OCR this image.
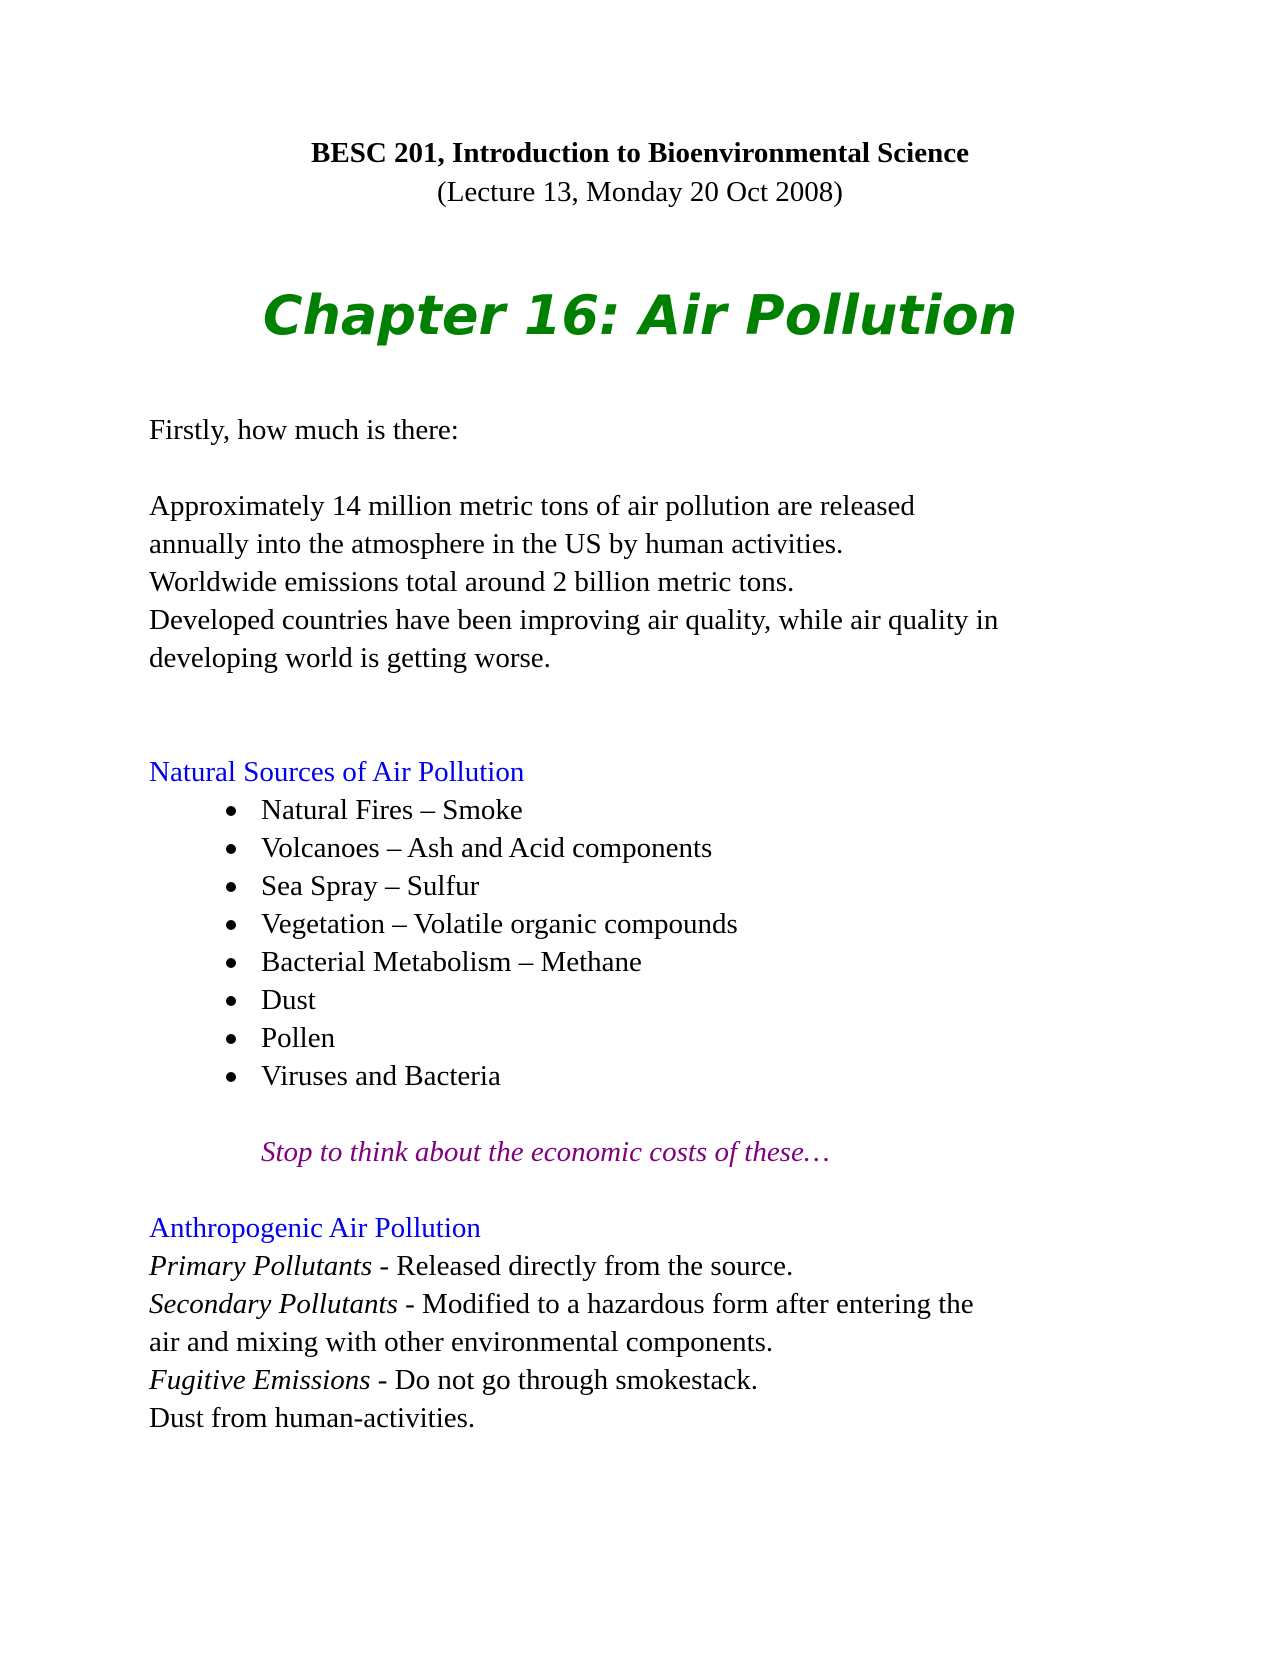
BESC 201, Introduction to Bioenvironmental Science

(Lecture 13, Monday 20 Oct 2008)

Chapter 16: Air Pollution
Firstly, how much is there:
Approximately 14 million metric tons of air pollution are released
annually into the atmosphere in the US by human activities.
Worldwide emissions total around 2 billion metric tons.
Developed countries have been improving air quality, while air quality in
developing world is getting worse.
Natural Sources of Air Pollution
Natural Fires – Smoke
Volcanoes – Ash and Acid components
Sea Spray – Sulfur
Vegetation – Volatile organic compounds
Bacterial Metabolism – Methane
Dust
Pollen
Viruses and Bacteria
Stop to think about the economic costs of these…
Anthropogenic Air Pollution
Primary Pollutants - Released directly from the source.
Secondary Pollutants - Modified to a hazardous form after entering the
air and mixing with other environmental components.
Fugitive Emissions - Do not go through smokestack.
Dust from human-activities.
